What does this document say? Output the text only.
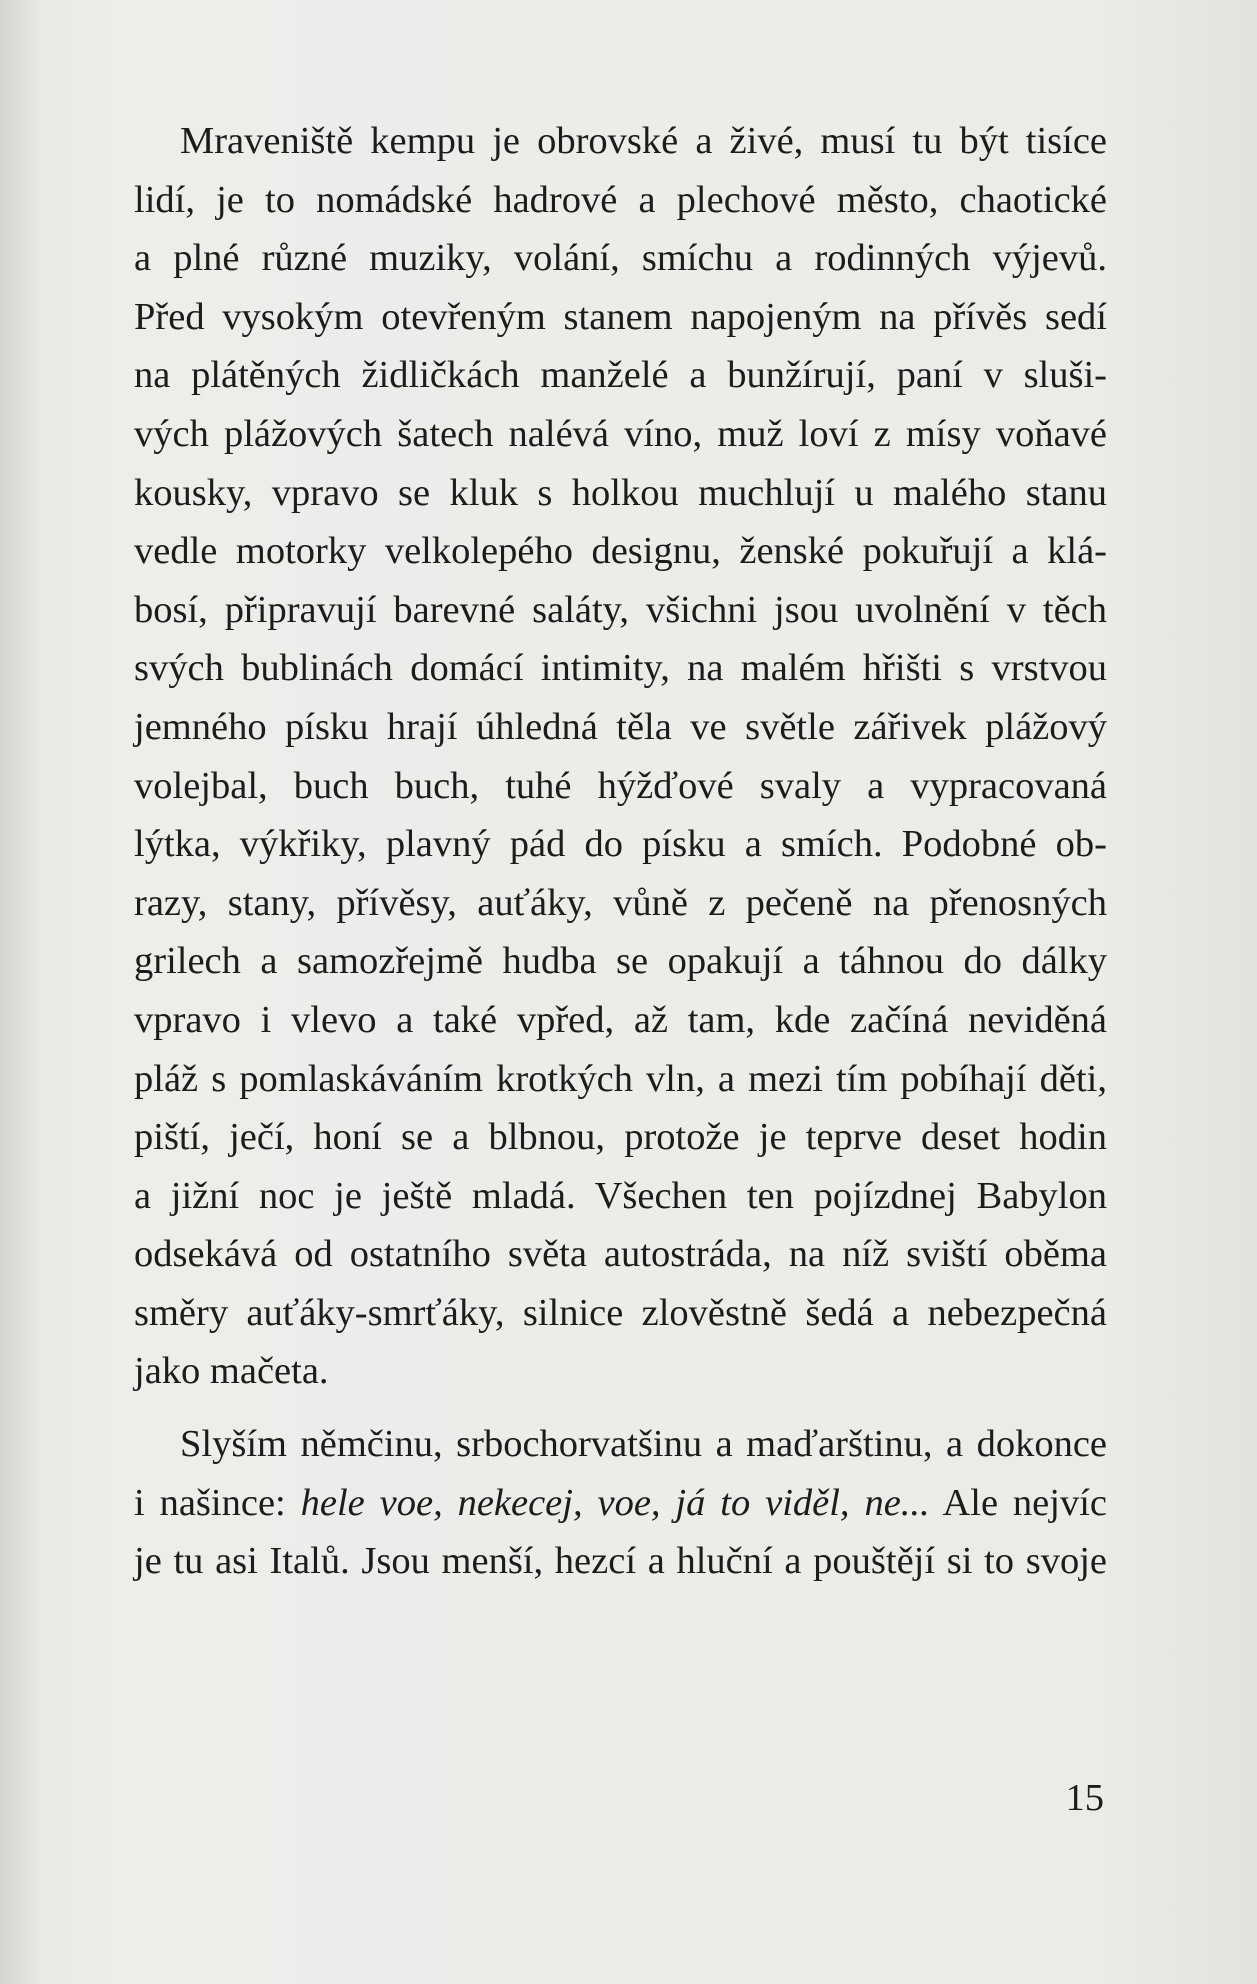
Mraveniště kempu je obrovské a živé, musí tu být tisíce
lidí, je to nomádské hadrové a plechové město, chaotické
a plné různé muziky, volání, smíchu a rodinných výjevů.
Před vysokým otevřeným stanem napojeným na přívěs sedí
na plátěných židličkách manželé a bunžírují, paní v sluši-
vých plážových šatech nalévá víno, muž loví z mísy voňavé
kousky, vpravo se kluk s holkou muchlují u malého stanu
vedle motorky velkolepého designu, ženské pokuřují a klá-
bosí, připravují barevné saláty, všichni jsou uvolnění v těch
svých bublinách domácí intimity, na malém hřišti s vrstvou
jemného písku hrají úhledná těla ve světle zářivek plážový
volejbal, buch buch, tuhé hýžďové svaly a vypracovaná
lýtka, výkřiky, plavný pád do písku a smích. Podobné ob-
razy, stany, přívěsy, auťáky, vůně z pečeně na přenosných
grilech a samozřejmě hudba se opakují a táhnou do dálky
vpravo i vlevo a také vpřed, až tam, kde začíná neviděná
pláž s pomlaskáváním krotkých vln, a mezi tím pobíhají děti,
piští, ječí, honí se a blbnou, protože je teprve deset hodin
a jižní noc je ještě mladá. Všechen ten pojízdnej Babylon
odsekává od ostatního světa autostráda, na níž sviští oběma
směry auťáky-smrťáky, silnice zlověstně šedá a nebezpečná
jako mačeta.
Slyším němčinu, srbochorvatšinu a maďarštinu, a dokonce
i našince: hele voe, nekecej, voe, já to viděl, ne... Ale nejvíc
je tu asi Italů. Jsou menší, hezcí a hluční a pouštějí si to svoje
15
